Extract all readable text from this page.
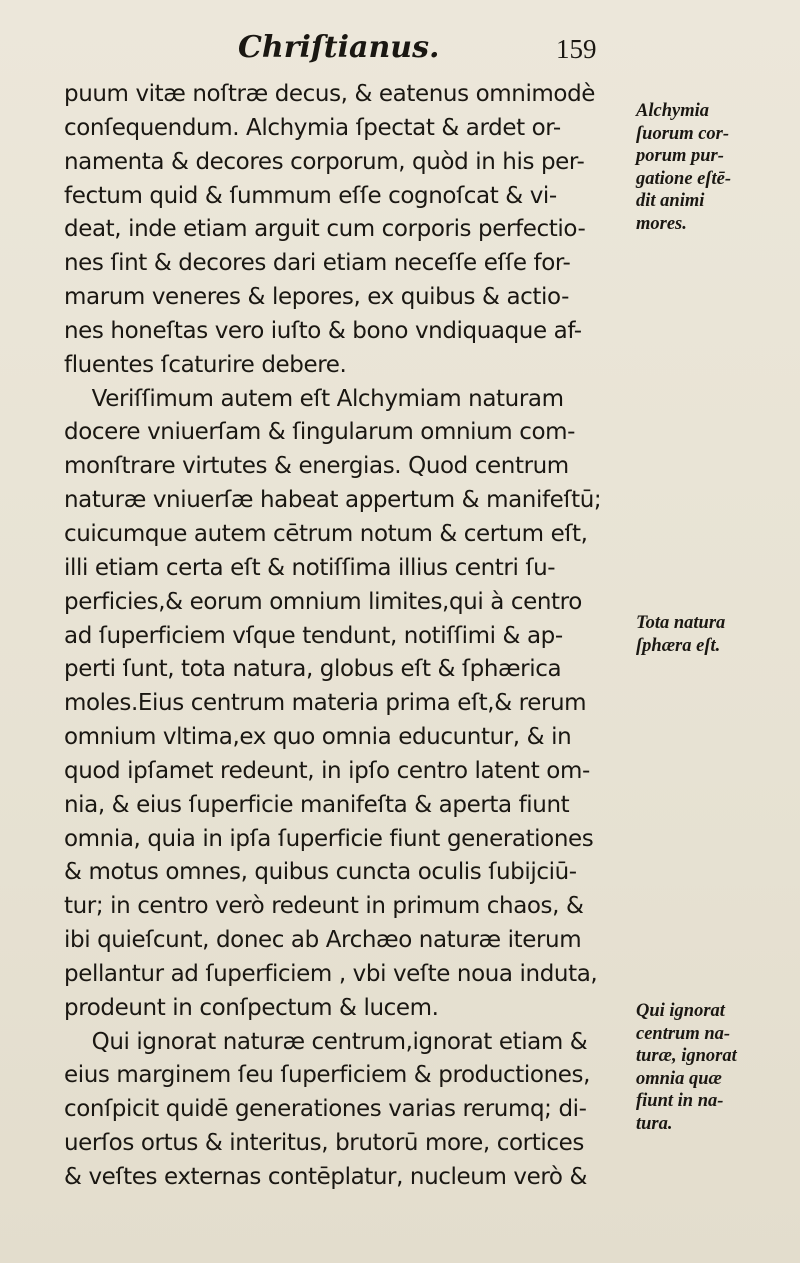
Chriſtianus.	159
puum vitæ noſtræ decus, & eatenus omnimodè
conſequendum. Alchymia ſpectat & ardet or-
namenta & decores corporum, quòd in his per-
fectum quid & ſummum eſſe cognoſcat & vi-
deat, inde etiam arguit cum corporis perfectio-
nes ſint & decores dari etiam neceſſe eſſe for-
marum veneres & lepores, ex quibus & actio-
nes honeſtas vero iuſto & bono vndiquaque af-
fluentes ſcaturire debere.
Veriſſimum autem eſt Alchymiam naturam
docere vniuerſam & ſingularum omnium com-
monſtrare virtutes & energias. Quod centrum
naturæ vniuerſæ habeat appertum & manifeſtū;
cuicumque autem cētrum notum & certum eſt,
illi etiam certa eſt & notiſſima illius centri ſu-
perficies,& eorum omnium limites,qui à centro
ad ſuperficiem vſque tendunt, notiſſimi & ap-
perti ſunt, tota natura, globus eſt & ſphærica
moles.Eius centrum materia prima eſt,& rerum
omnium vltima,ex quo omnia educuntur, & in
quod ipſamet redeunt, in ipſo centro latent om-
nia, & eius ſuperficie manifeſta & aperta fiunt
omnia, quia in ipſa ſuperficie fiunt generationes
& motus omnes, quibus cuncta oculis ſubijciū-
tur; in centro verò redeunt in primum chaos, &
ibi quieſcunt, donec ab Archæo naturæ iterum
pellantur ad ſuperficiem , vbi veſte noua induta,
prodeunt in conſpectum & lucem.
Qui ignorat naturæ centrum,ignorat etiam &
eius marginem ſeu ſuperficiem & productiones,
conſpicit quidē generationes varias rerumq; di-
uerſos ortus & interitus, brutorū more, cortices
& veſtes externas contēplatur, nucleum verò &
Alchymia
ſuorum cor-
porum pur-
gatione eſtē-
dit animi
mores.
Tota natura
ſphæra eſt.
Qui ignorat
centrum na-
turæ, ignorat
omnia quæ
fiunt in na-
tura.
